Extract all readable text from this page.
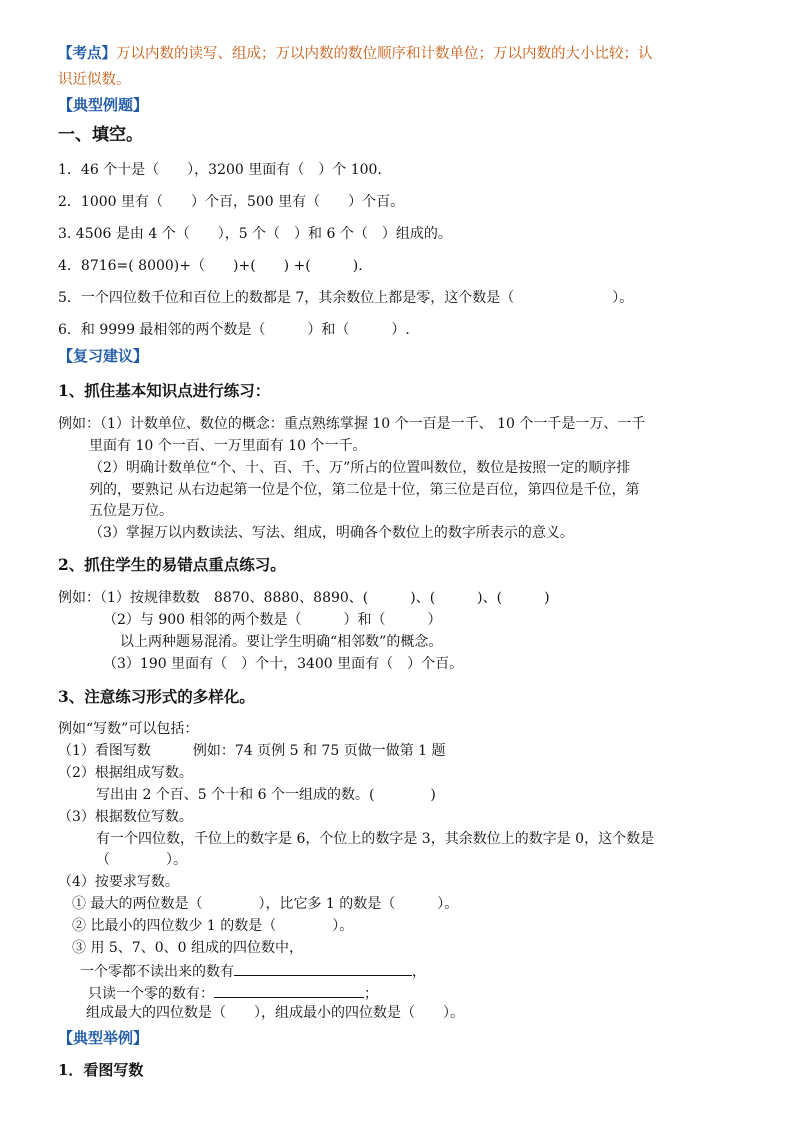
【考点】万以内数的读写、组成；万以内数的数位顺序和计数单位；万以内数的大小比较；认
识近似数。
【典型例题】
一、填空。
1．46 个十是（　　），3200 里面有（　）个 100.
2．1000 里有（　　）个百，500 里有（　　）个百。
3. 4506 是由 4 个（　　），5 个（　）和 6 个（　）组成的。
4．8716=( 8000)+（　　)+(　　) +(　　　).
5．一个四位数千位和百位上的数都是 7，其余数位上都是零，这个数是（　　　　　　　）。
6．和 9999 最相邻的两个数是（　　　）和（　　　）.
【复习建议】
1、抓住基本知识点进行练习：
例如：（1）计数单位、数位的概念：重点熟练掌握 10 个一百是一千、 10 个一千是一万、一千
里面有 10 个一百、一万里面有 10 个一千。
（2）明确计数单位“个、十、百、千、万”所占的位置叫数位，数位是按照一定的顺序排
列的，要熟记 从右边起第一位是个位，第二位是十位，第三位是百位，第四位是千位，第
五位是万位。
（3）掌握万以内数读法、写法、组成，明确各个数位上的数字所表示的意义。
2、抓住学生的易错点重点练习。
例如：（1）按规律数数　8870、8880、8890、(　　　)、(　　　)、(　　　)
（2）与 900 相邻的两个数是（　　　）和（　　　）
以上两种题易混淆。要让学生明确“相邻数”的概念。
（3）190 里面有（　）个十，3400 里面有（　）个百。
3、注意练习形式的多样化。
例如“写数”可以包括：
（1）看图写数　　　例如：74 页例 5 和 75 页做一做第 1 题
（2）根据组成写数。
写出由 2 个百、5 个十和 6 个一组成的数。(　　　　)
（3）根据数位写数。
有一个四位数，千位上的数字是 6，个位上的数字是 3，其余数位上的数字是 0，这个数是
（　　　　）。
（4）按要求写数。
① 最大的两位数是（　　　　），比它多 1 的数是（　　　）。
② 比最小的四位数少 1 的数是（　　　　）。
③ 用 5、7、0、0 组成的四位数中，
一个零都不读出来的数有	，
只读一个零的数有：	；
组成最大的四位数是（　　），组成最小的四位数是（　　）。
【典型举例】
1．看图写数
